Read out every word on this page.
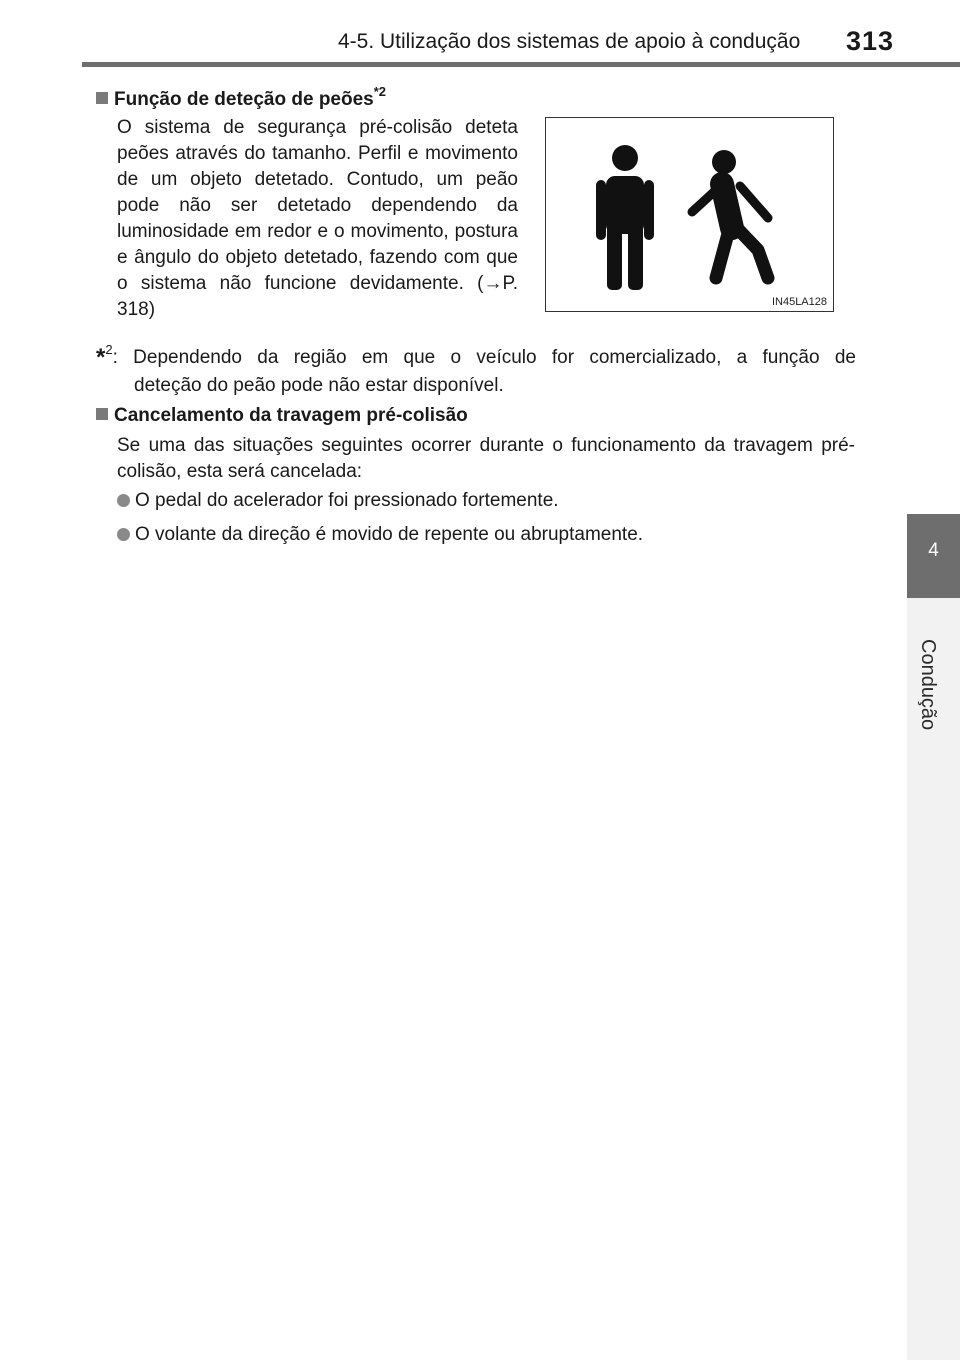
4-5. Utilização dos sistemas de apoio à condução 313
4
Condução
Função de deteção de peões$^{*2}$
O sistema de segurança pré-colisão deteta peões através do tamanho. Perfil e movimento de um objeto detetado. Contudo, um peão pode não ser detetado dependendo da luminosidade em redor e o movimento, postura e ângulo do objeto detetado, fazendo com que o sistema não funcione devidamente. (→P. 318)	IN45LA128
*$^2$: Dependendo da região em que o veículo for comercializado, a função de
deteção do peão pode não estar disponível.
Cancelamento da travagem pré-colisão
Se uma das situações seguintes ocorrer durante o funcionamento da travagem pré-colisão, esta será cancelada:
O pedal do acelerador foi pressionado fortemente.
O volante da direção é movido de repente ou abruptamente.
